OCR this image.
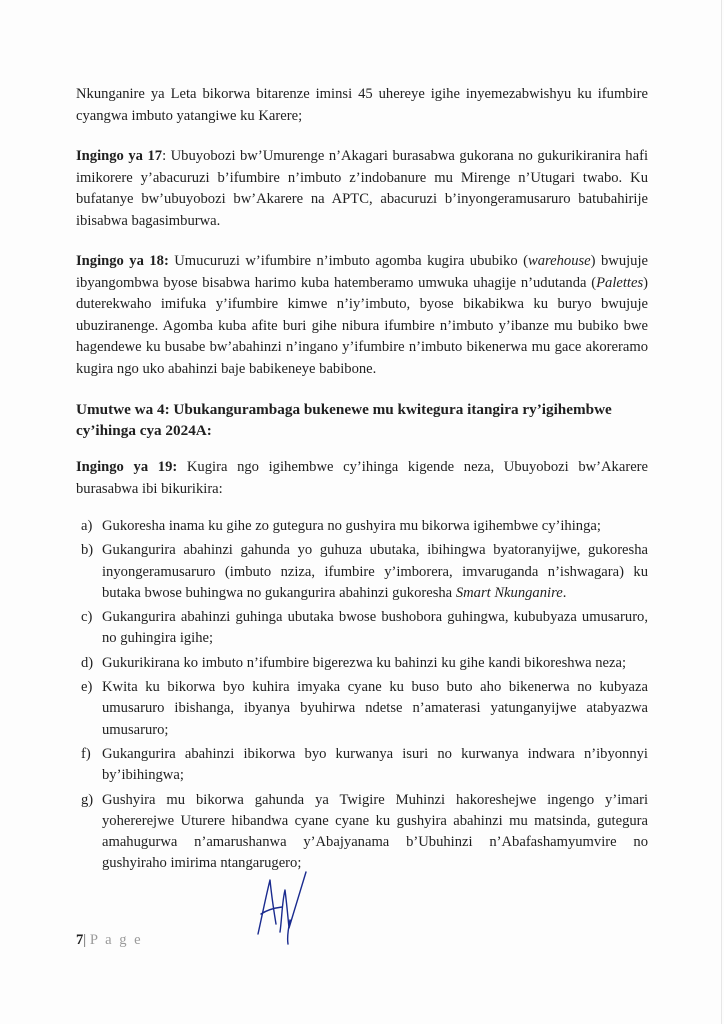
Nkunganire ya Leta bikorwa bitarenze iminsi 45 uhereye igihe inyemezabwishyu ku ifumbire cyangwa imbuto yatangiwe ku Karere;

Ingingo ya 17: Ubuyobozi bw’Umurenge n’Akagari burasabwa gukorana no gukurikiranira hafi imikorere y’abacuruzi b’ifumbire n’imbuto z’indobanure mu Mirenge n’Utugari twabo. Ku bufatanye bw’ubuyobozi bw’Akarere na APTC, abacuruzi b’inyongeramusaruro batubahirije ibisabwa bagasimburwa.

Ingingo ya 18: Umucuruzi w’ifumbire n’imbuto agomba kugira ububiko (warehouse) bwujuje ibyangombwa byose bisabwa harimo kuba hatemberamo umwuka uhagije n’udutanda (Palettes) duterekwaho imifuka y’ifumbire kimwe n’iy’imbuto, byose bikabikwa ku buryo bwujuje ubuziranenge. Agomba kuba afite buri gihe nibura ifumbire n’imbuto y’ibanze mu bubiko bwe hagendewe ku busabe bw’abahinzi n’ingano y’ifumbire n’imbuto bikenerwa mu gace akoreramo kugira ngo uko abahinzi baje babikeneye babibone.

Umutwe wa 4: Ubukangurambaga bukenewe mu kwitegura itangira ry’igihembwe cy’ihinga cya 2024A:

Ingingo ya 19: Kugira ngo igihembwe cy’ihinga kigende neza, Ubuyobozi bw’Akarere burasabwa ibi bikurikira:

a) Gukoresha inama ku gihe zo gutegura no gushyira mu bikorwa igihembwe cy’ihinga;
b) Gukangurira abahinzi gahunda yo guhuza ubutaka, ibihingwa byatoranyijwe, gukoresha inyongeramusaruro (imbuto nziza, ifumbire y’imborera, imvaruganda n’ishwagara) ku butaka bwose buhingwa no gukangurira abahinzi gukoresha Smart Nkunganire.
c) Gukangurira abahinzi guhinga ubutaka bwose bushobora guhingwa, kububyaza umusaruro, no guhingira igihe;
d) Gukurikirana ko imbuto n’ifumbire bigerezwa ku bahinzi ku gihe kandi bikoreshwa neza;
e) Kwita ku bikorwa byo kuhira imyaka cyane ku buso buto aho bikenerwa no kubyaza umusaruro ibishanga, ibyanya byuhirwa ndetse n’amaterasi yatunganyijwe atabyazwa umusaruro;
f) Gukangurira abahinzi ibikorwa byo kurwanya isuri no kurwanya indwara n’ibyonnyi by’ibihingwa;
g) Gushyira mu bikorwa gahunda ya Twigire Muhinzi hakoreshejwe ingengo y’imari yohererejwe Uturere hibandwa cyane cyane ku gushyira abahinzi mu matsinda, gutegura amahugurwa n’amarushanwa y’Abajyanama b’Ubuhinzi n’Abafashamyumvire no gushyiraho imirima ntangarugero;
7| P a g e
